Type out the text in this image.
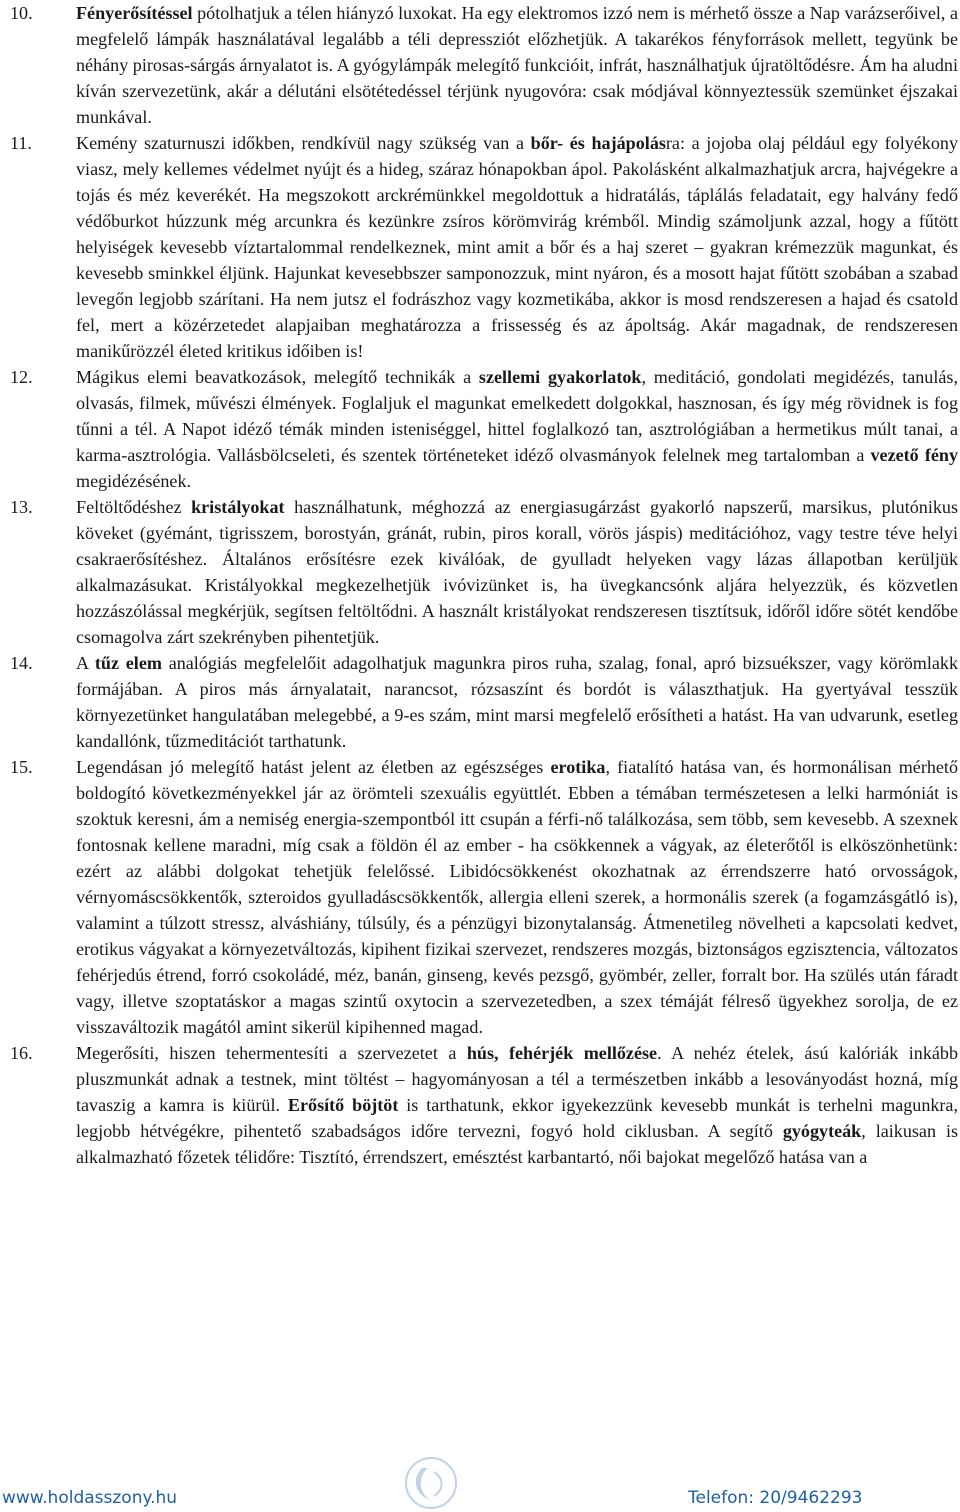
10. Fényerősítéssel pótolhatjuk a télen hiányzó luxokat. Ha egy elektromos izzó nem is mérhető össze a Nap varázserőivel, a megfelelő lámpák használatával legalább a téli depressziót előzhetjük. A takarékos fényforrások mellett, tegyünk be néhány pirosas-sárgás árnyalatot is. A gyógylámpák melegítő funkcióit, infrát, használhatjuk újratöltődésre. Ám ha aludni kíván szervezetünk, akár a délutáni elsötétedéssel térjünk nyugovóra: csak módjával könnyeztessük szemünket éjszakai munkával.
11. Kemény szaturnuszi időkben, rendkívül nagy szükség van a bőr- és hajápolásra: a jojoba olaj például egy folyékony viasz, mely kellemes védelmet nyújt és a hideg, száraz hónapokban ápol. Pakolásként alkalmazhatjuk arcra, hajvégekre a tojás és méz keverékét. Ha megszokott arckrémünkkel megoldottuk a hidratálás, táplálás feladatait, egy halvány fedő védőburkot húzzunk még arcunkra és kezünkre zsíros körömvirág krémből. Mindig számoljunk azzal, hogy a fűtött helyiségek kevesebb víztartalommal rendelkeznek, mint amit a bőr és a haj szeret – gyakran krémezzük magunkat, és kevesebb sminkkel éljünk. Hajunkat kevesebbszer samponozzuk, mint nyáron, és a mosott hajat fűtött szobában a szabad levegőn legjobb szárítani. Ha nem jutsz el fodrászhoz vagy kozmetikába, akkor is mosd rendszeresen a hajad és csatold fel, mert a közérzetedet alapjaiban meghatározza a frissesség és az ápoltság. Akár magadnak, de rendszeresen manikűrözzél életed kritikus időiben is!
12. Mágikus elemi beavatkozások, melegítő technikák a szellemi gyakorlatok, meditáció, gondolati megidézés, tanulás, olvasás, filmek, művészi élmények. Foglaljuk el magunkat emelkedett dolgokkal, hasznosan, és így még rövidnek is fog tűnni a tél. A Napot idéző témák minden isteniséggel, hittel foglalkozó tan, asztrológiában a hermetikus múlt tanai, a karma-asztrológia. Vallásbölcseleti, és szentek történeteket idéző olvasmányok felelnek meg tartalomban a vezető fény megidézésének.
13. Feltöltődéshez kristályokat használhatunk, méghozzá az energiasugárzást gyakorló napszerű, marsikus, plutónikus köveket (gyémánt, tigrisszem, borostyán, gránát, rubin, piros korall, vörös jáspis) meditációhoz, vagy testre téve helyi csakraerősítéshez. Általános erősítésre ezek kiválóak, de gyulladt helyeken vagy lázas állapotban kerüljük alkalmazásukat. Kristályokkal megkezelhetjük ivóvizünket is, ha üvegkancsónk aljára helyezzük, és közvetlen hozzászólással megkérjük, segítsen feltöltődni. A használt kristályokat rendszeresen tisztítsuk, időről időre sötét kendőbe csomagolva zárt szekrényben pihentetjük.
14. A tűz elem analógiás megfelelőit adagolhatjuk magunkra piros ruha, szalag, fonal, apró bizsuékszer, vagy körömlakk formájában. A piros más árnyalatait, narancsot, rózsaszínt és bordót is választhatjuk. Ha gyertyával tesszük környezetünket hangulatában melegebbé, a 9-es szám, mint marsi megfelelő erősítheti a hatást. Ha van udvarunk, esetleg kandallónk, tűzmeditációt tarthatunk.
15. Legendásan jó melegítő hatást jelent az életben az egészséges erotika, fiatalító hatása van, és hormonálisan mérhető boldogító következményekkel jár az örömteli szexuális együttlét. Ebben a témában természetesen a lelki harmóniát is szoktuk keresni, ám a nemiség energia-szempontból itt csupán a férfi-nő találkozása, sem több, sem kevesebb. A szexnek fontosnak kellene maradni, míg csak a földön él az ember - ha csökkennek a vágyak, az életerőtől is elköszönhetünk: ezért az alábbi dolgokat tehetjük felelőssé. Libidócsökkenést okozhatnak az érrendszerre ható orvosságok, vérnyomáscsökkentők, szteroidos gyulladáscsökkentők, allergia elleni szerek, a hormonális szerek (a fogamzásgátló is), valamint a túlzott stressz, alváshiány, túlsúly, és a pénzügyi bizonytalanság. Átmenetileg növelheti a kapcsolati kedvet, erotikus vágyakat a környezetváltozás, kipihent fizikai szervezet, rendszeres mozgás, biztonságos egzisztencia, változatos fehérjedús étrend, forró csokoládé, méz, banán, ginseng, kevés pezsgő, gyömbér, zeller, forralt bor. Ha szülés után fáradt vagy, illetve szoptatáskor a magas szintű oxytocin a szervezetedben, a szex témáját félreső ügyekhez sorolja, de ez visszaváltozik magától amint sikerül kipihenned magad.
16. Megerősíti, hiszen tehermentesíti a szervezetet a hús, fehérjék mellőzése. A nehéz ételek, ású kalóriák inkább pluszmunkát adnak a testnek, mint töltést – hagyományosan a tél a természetben inkább a lesoványodást hozná, míg tavaszig a kamra is kiürül. Erősítő böjtöt is tarthatunk, ekkor igyekezzünk kevesebb munkát is terhelni magunkra, legjobb hétvégékre, pihentető szabadságos időre tervezni, fogyó hold ciklusban. A segítő gyógyteák, laikusan is alkalmazható főzetek télidőre: Tisztító, érrendszert, emésztést karbantartó, női bajokat megelőző hatása van a
www.holdasszony.hu	Telefon: 20/9462293
